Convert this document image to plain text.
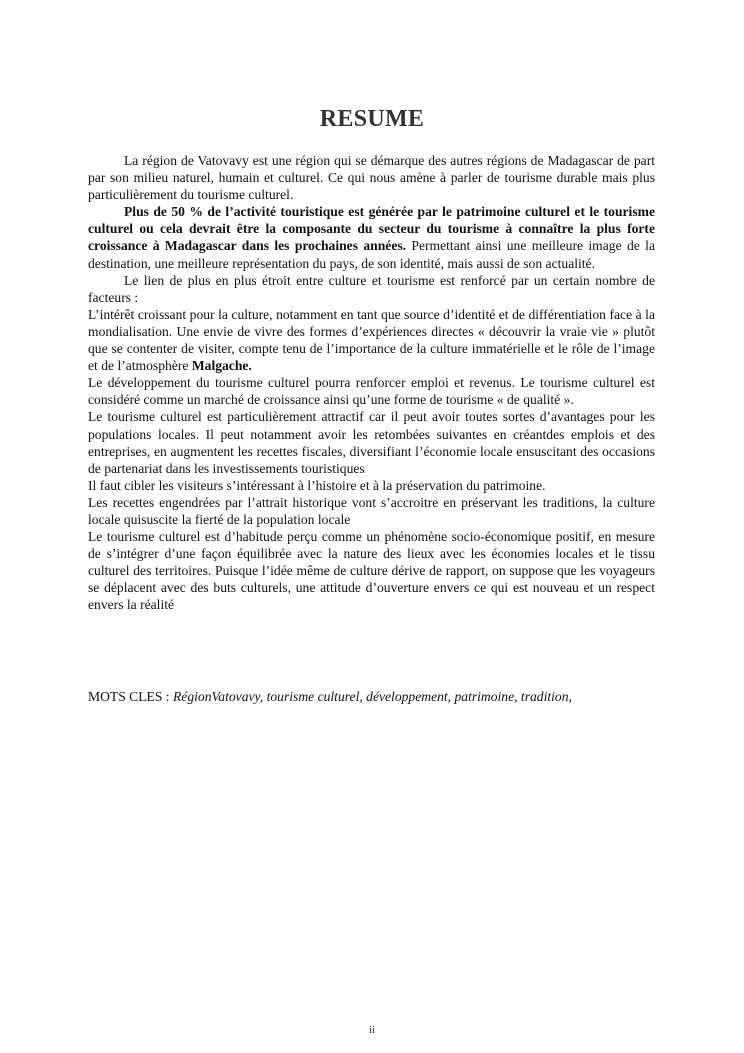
RESUME

La région de Vatovavy est une région qui se démarque des autres régions de Madagascar de part par son milieu naturel, humain et culturel. Ce qui nous amène à parler de tourisme durable mais plus particulièrement du tourisme culturel.

Plus de 50 % de l’activité touristique est générée par le patrimoine culturel et le tourisme culturel ou cela devrait être la composante du secteur du tourisme à connaître la plus forte croissance à Madagascar dans les prochaines années. Permettant ainsi une meilleure image de la destination, une meilleure représentation du pays, de son identité, mais aussi de son actualité.

Le lien de plus en plus étroit entre culture et tourisme est renforcé par un certain nombre de facteurs :

L’intérêt croissant pour la culture, notamment en tant que source d’identité et de différentiation face à la mondialisation. Une envie de vivre des formes d’expériences directes « découvrir la vraie vie » plutôt que se contenter de visiter, compte tenu de l’importance de la culture immatérielle et le rôle de l’image et de l’atmosphère Malgache.

Le développement du tourisme culturel pourra renforcer emploi et revenus. Le tourisme culturel est considéré comme un marché de croissance ainsi qu’une forme de tourisme « de qualité ».

Le tourisme culturel est particulièrement attractif car il peut avoir toutes sortes d’avantages pour les populations locales. Il peut notamment avoir les retombées suivantes en créantdes emplois et des entreprises, en augmentent les recettes fiscales, diversifiant l’économie locale ensuscitant des occasions de partenariat dans les investissements touristiques

Il faut cibler les visiteurs s’intéressant à l’histoire et à la préservation du patrimoine.

Les recettes engendrées par l’attrait historique vont s’accroitre en préservant les traditions, la culture locale quisuscite la fierté de la population locale

Le tourisme culturel est d’habitude perçu comme un phénomène socio-économique positif, en mesure de s’intégrer d’une façon équilibrée avec la nature des lieux avec les économies locales et le tissu culturel des territoires. Puisque l’idée même de culture dérive de rapport, on suppose que les voyageurs se déplacent avec des buts culturels, une attitude d’ouverture envers ce qui est nouveau et un respect envers la réalité

MOTS CLES : RégionVatovavy, tourisme culturel, développement, patrimoine, tradition,
ii
